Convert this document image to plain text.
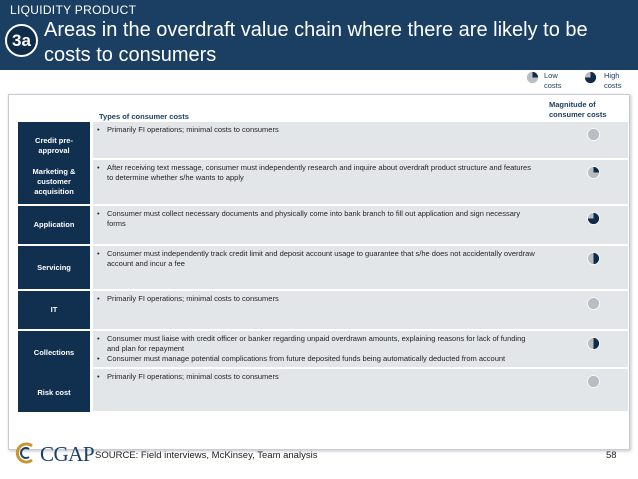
LIQUIDITY PRODUCT
3a Areas in the overdraft value chain where there are likely to be costs to consumers
Low costs
High costs
Types of consumer costs
Magnitude of consumer costs
• Primarily FI operations; minimal costs to consumers
Credit pre-approval
• After receiving text message, consumer must independently research and inquire about overdraft product structure and features to determine whether s/he wants to apply
Marketing & customer acquisition
• Consumer must collect necessary documents and physically come into bank branch to fill out application and sign necessary forms
Application
• Consumer must independently track credit limit and deposit account usage to guarantee that s/he does not accidentally overdraw account and incur a fee
Servicing
• Primarily FI operations; minimal costs to consumers
IT
• Consumer must liaise with credit officer or banker regarding unpaid overdrawn amounts, explaining reasons for lack of funding and plan for repayment
• Consumer must manage potential complications from future deposited funds being automatically deducted from account
Collections
• Primarily FI operations; minimal costs to consumers
Risk cost
CGAP SOURCE: Field interviews, McKinsey, Team analysis	58
